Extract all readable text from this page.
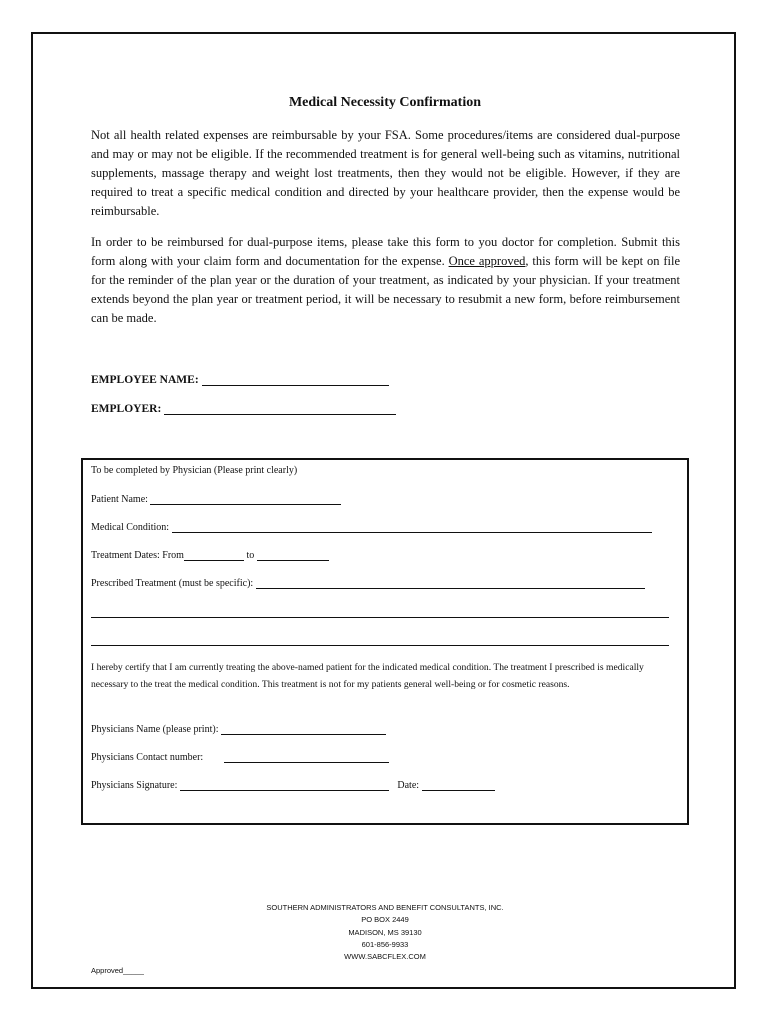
Medical Necessity Confirmation

Not all health related expenses are reimbursable by your FSA. Some procedures/items are considered dual-purpose and may or may not be eligible. If the recommended treatment is for general well-being such as vitamins, nutritional supplements, massage therapy and weight lost treatments, then they would not be eligible. However, if they are required to treat a specific medical condition and directed by your healthcare provider, then the expense would be reimbursable.

In order to be reimbursed for dual-purpose items, please take this form to you doctor for completion. Submit this form along with your claim form and documentation for the expense. Once approved, this form will be kept on file for the reminder of the plan year or the duration of your treatment, as indicated by your physician. If your treatment extends beyond the plan year or treatment period, it will be necessary to resubmit a new form, before reimbursement can be made.

EMPLOYEE NAME:
EMPLOYER:
To be completed by Physician (Please print clearly)
Patient Name:
Medical Condition:
Treatment Dates: From	to
Prescribed Treatment (must be specific):

I hereby certify that I am currently treating the above-named patient for the indicated medical condition. The treatment I prescribed is medically necessary to the treat the medical condition. This treatment is not for my patients general well-being or for cosmetic reasons.

Physicians Name (please print):
Physicians Contact number:
Physicians Signature:	Date:
SOUTHERN ADMINISTRATORS AND BENEFIT CONSULTANTS, INC.
PO BOX 2449
MADISON, MS 39130
601-856-9933
WWW.SABCFLEX.COM
Approved_____
